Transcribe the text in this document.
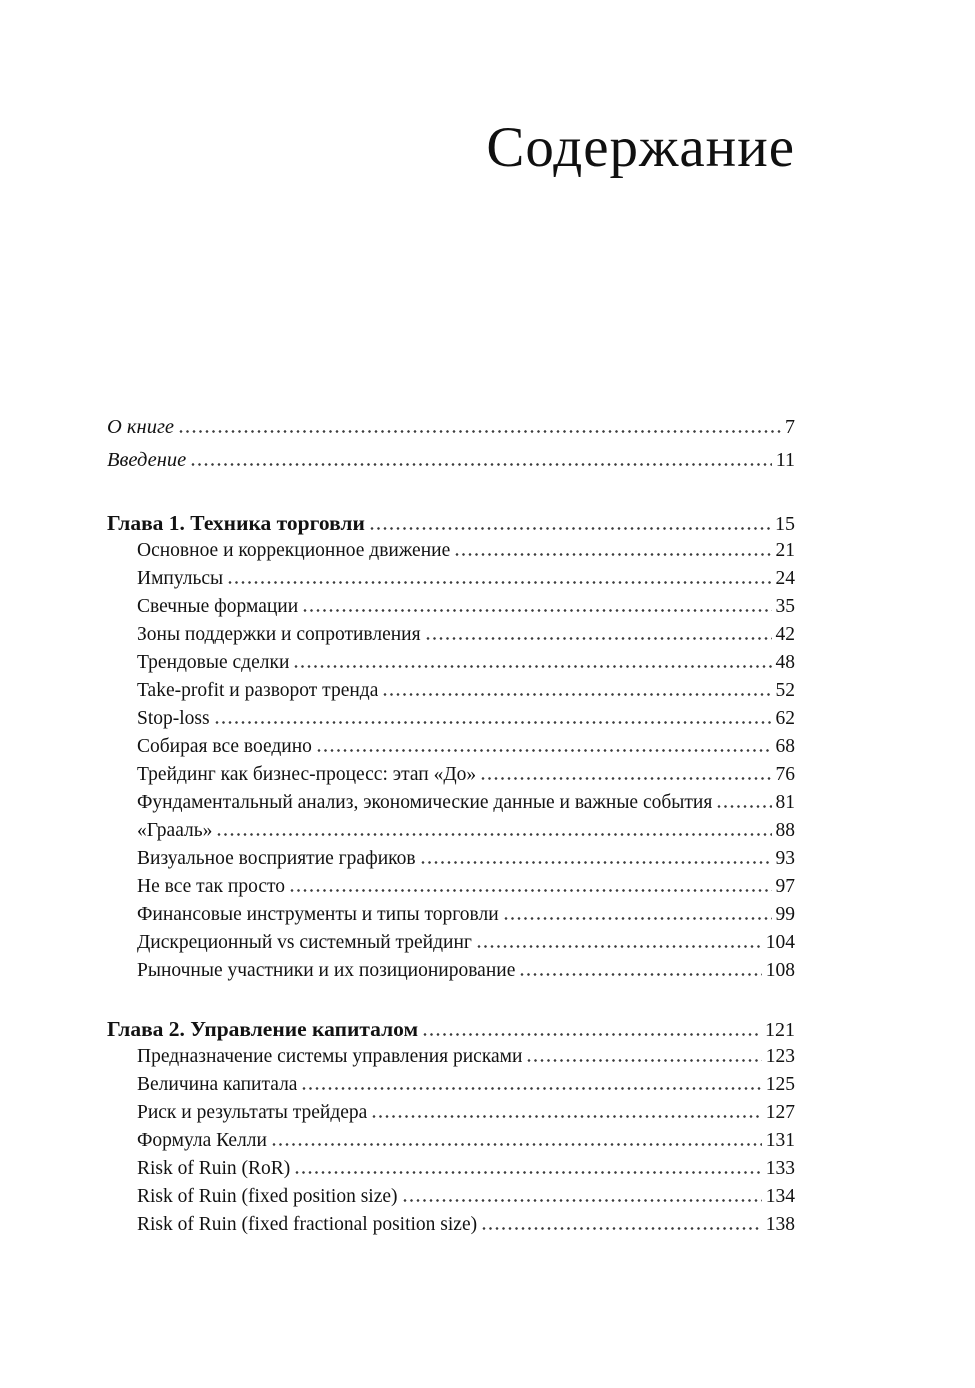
Содержание
О книге	7
Введение	11
Глава 1. Техника торговли	15
Основное и коррекционное движение	21
Импульсы	24
Свечные формации	35
Зоны поддержки и сопротивления	42
Трендовые сделки	48
Take-profit и разворот тренда	52
Stop-loss	62
Собирая все воедино	68
Трейдинг как бизнес-процесс: этап «До»	76
Фундаментальный анализ, экономические данные и важные события	81
«Грааль»	88
Визуальное восприятие графиков	93
Не все так просто	97
Финансовые инструменты и типы торговли	99
Дискреционный vs системный трейдинг	104
Рыночные участники и их позиционирование	108
Глава 2. Управление капиталом	121
Предназначение системы управления рисками	123
Величина капитала	125
Риск и результаты трейдера	127
Формула Келли	131
Risk of Ruin (RoR)	133
Risk of Ruin (fixed position size)	134
Risk of Ruin (fixed fractional position size)	138
